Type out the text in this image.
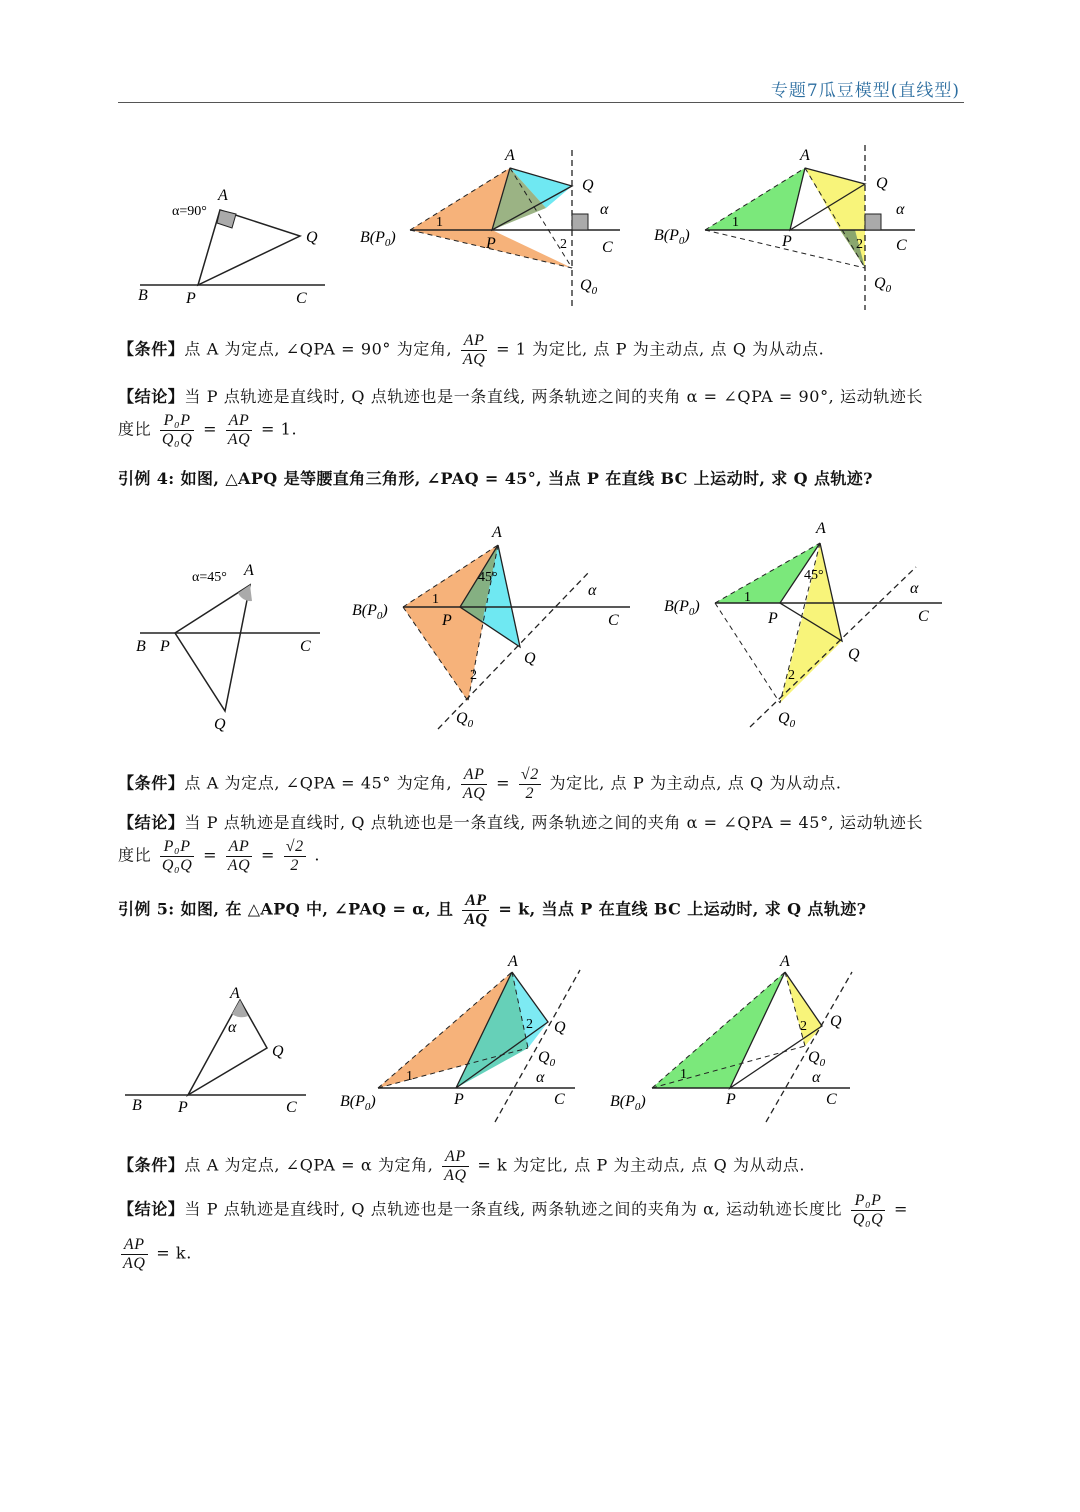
专题7瓜豆模型(直线型)
α=90°
A
Q
B P	C
A
Q
P	C
α
1
2
$B(P_0)$
$Q_0$
A
Q
P	C
α
1
2
$B(P_0)$
$Q_0$
【条件】点 A 为定点, ∠QPA = 90° 为定角, $\frac{AP}{AQ} = 1$ 为定比, 点 P 为主动点, 点 Q 为从动点.
【结论】当 P 点轨迹是直线时, Q 点轨迹也是一条直线, 两条轨迹之间的夹角 α = ∠QPA = 90°, 运动轨迹长
度比 $\frac{\text{P₀P}}{\text{Q₀Q}} = \frac{AP}{AQ} = 1$.
引例 4: 如图, △APQ 是等腰直角三角形, ∠PAQ = 45°, 当点 P 在直线 BC 上运动时, 求 Q 点轨迹?
α=45° A
B P	C
Q
A
45°
1
2
P	C
α
Q
$B(P_0)$
$Q_0$
A
45°
1
2
P	C
α
Q
$B(P_0)$
$Q_0$
【条件】点 A 为定点, ∠QPA = 45° 为定角, $\frac{AP}{AQ} = \frac{√2}{2}$ 为定比, 点 P 为主动点, 点 Q 为从动点.
【结论】当 P 点轨迹是直线时, Q 点轨迹也是一条直线, 两条轨迹之间的夹角 α = ∠QPA = 45°, 运动轨迹长
度比 $\frac{\text{P₀P}}{\text{Q₀Q}} = \frac{AP}{AQ} = \frac{√2}{2}$ .
引例 5: 如图, 在 △APQ 中, ∠PAQ = α, 且 $\frac{AP}{AQ} = k$, 当点 P 在直线 BC 上运动时, 求 Q 点轨迹?
A
α
Q
B P	C
A
Q
2
1
P	C
α
$B(P_0)$
$Q_0$
A
Q
2
1
P	C
α
$B(P_0)$
$Q_0$
【条件】点 A 为定点, ∠QPA = α 为定角, $\frac{AP}{AQ} = k$ 为定比, 点 P 为主动点, 点 Q 为从动点.
【结论】当 P 点轨迹是直线时, Q 点轨迹也是一条直线, 两条轨迹之间的夹角为 α, 运动轨迹长度比 $\frac{\text{P₀P}}{\text{Q₀Q}}$ =
$\frac{AP}{AQ} = k$.
